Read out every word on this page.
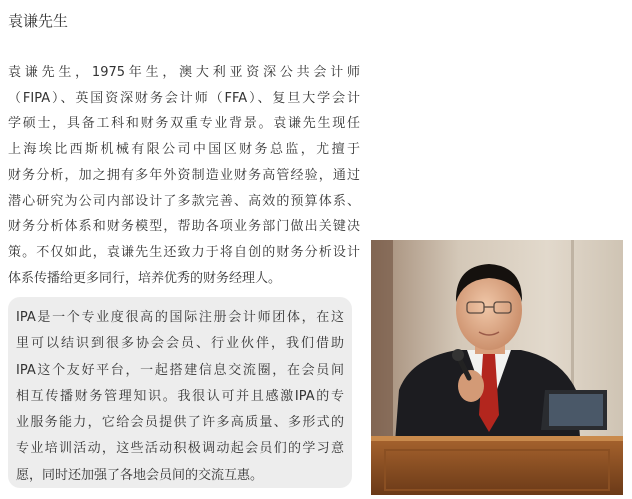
袁谦先生
袁谦先生，1975年生，澳大利亚资深公共会计师
（FIPA）、英国资深财务会计师（FFA）、复旦大学会计
学硕士，具备工科和财务双重专业背景。袁谦先生现任
上海埃比西斯机械有限公司中国区财务总监，尤擅于
财务分析，加之拥有多年外资制造业财务高管经验，通过
潜心研究为公司内部设计了多款完善、高效的预算体系、
财务分析体系和财务模型，帮助各项业务部门做出关键决
策。不仅如此，袁谦先生还致力于将自创的财务分析设计
体系传播给更多同行，培养优秀的财务经理人。
IPA是一个专业度很高的国际注册会计师团体，在这
里可以结识到很多协会会员、行业伙伴，我们借助
IPA这个友好平台，一起搭建信息交流圈，在会员间
相互传播财务管理知识。我很认可并且感激IPA的专
业服务能力，它给会员提供了许多高质量、多形式的
专业培训活动，这些活动积极调动起会员们的学习意
愿，同时还加强了各地会员间的交流互惠。
